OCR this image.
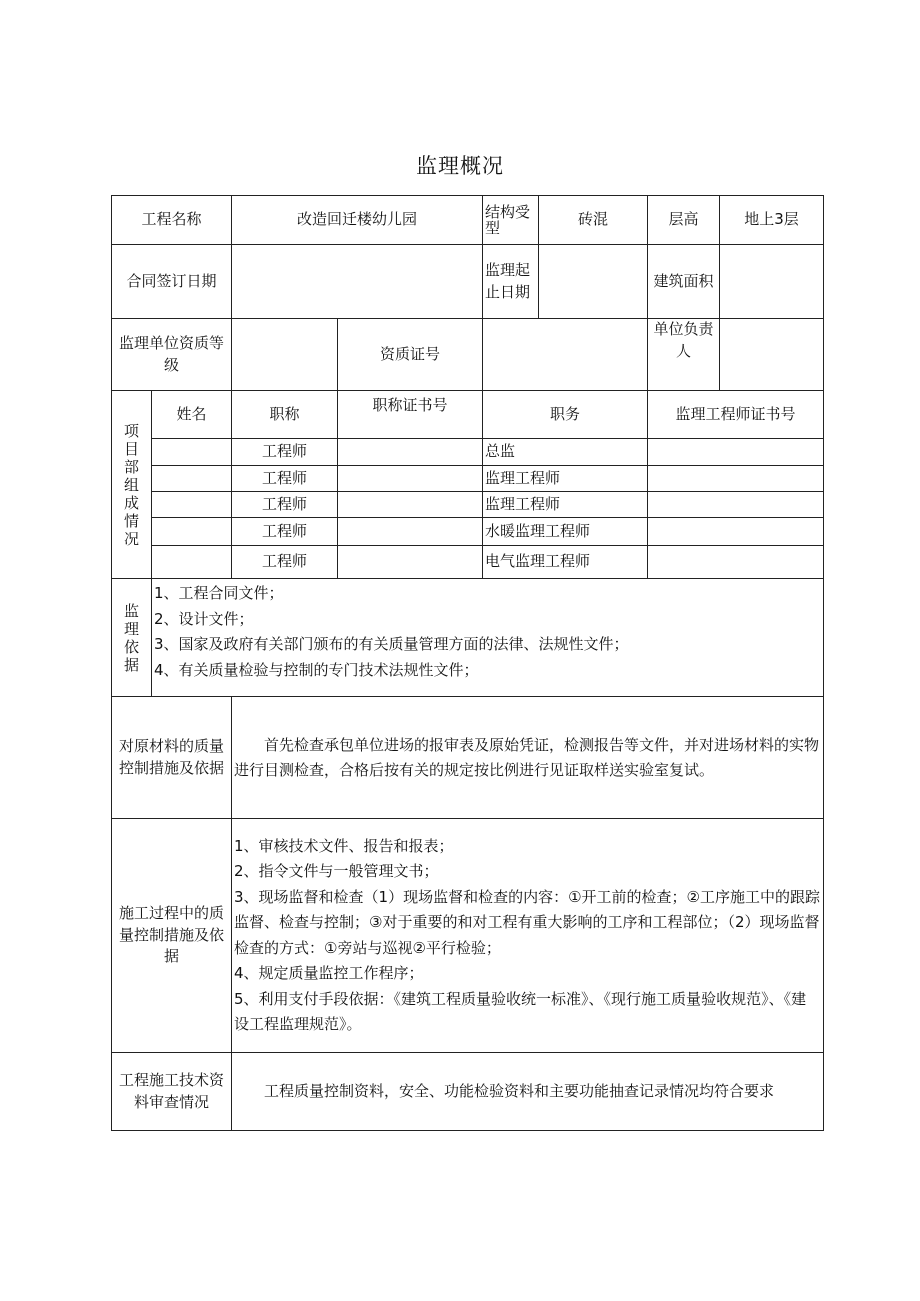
监理概况
工程名称		改造回迁楼幼儿园		结构受型	砖混	层高	地上3层
合同签订日期				监理起止日期		建筑面积	
监理单位资质等级			资质证号			单位负责人	

项目部组成情况	姓名	职称	职称证书号	职务		监理工程师证书号	
		工程师		总监			
		工程师		监理工程师			
		工程师		监理工程师			
		工程师		水暖监理工程师			
		工程师		电气监理工程师			

监理依据	1、工程合同文件；
2、设计文件；
3、国家及政府有关部门颁布的有关质量管理方面的法律、法规性文件；
4、有关质量检验与控制的专门技术法规性文件；						

对原材料的质量控制措施及依据		首先检查承包单位进场的报审表及原始凭证，检测报告等文件，并对进场材料的实物进行目测检查，合格后按有关的规定按比例进行见证取样送实验室复试。					

施工过程中的质量控制措施及依据		1、审核技术文件、报告和报表；
2、指令文件与一般管理文书；
3、现场监督和检查（1）现场监督和检查的内容：①开工前的检查；②工序施工中的跟踪监督、检查与控制；③对于重要的和对工程有重大影响的工序和工程部位；（2）现场监督检查的方式：①旁站与巡视②平行检验；
4、规定质量监控工作程序；
5、利用支付手段依据：《建筑工程质量验收统一标准》、《现行施工质量验收规范》、《建设工程监理规范》。					

工程施工技术资料审查情况		工程质量控制资料，安全、功能检验资料和主要功能抽查记录情况均符合要求					
